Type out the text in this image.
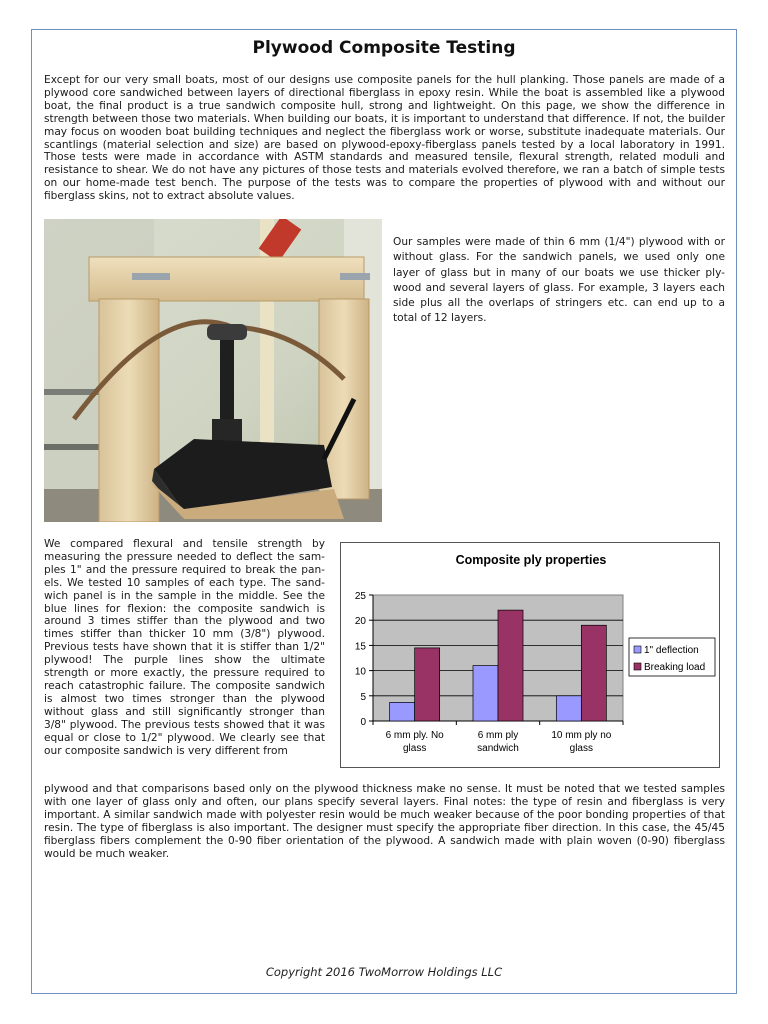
Plywood Composite Testing

Except for our very small boats, most of our designs use composite panels for the hull planking. Those panels are made of a plywood core sandwiched between layers of directional fiberglass in epoxy resin. While the boat is assembled like a plywood boat, the final product is a true sandwich composite hull, strong and lightweight. On this page, we show the difference in strength between those two materials. When building our boats, it is important to understand that difference. If not, the builder may focus on wooden boat building techniques and neglect the fiberglass work or worse, substitute inadequate materials. Our scantlings (material selection and size) are based on plywood-epoxy-fiberglass panels tested by a local laboratory in 1991. Those tests were made in accordance with ASTM standards and measured tensile, flexural strength, related moduli and resistance to shear. We do not have any pictures of those tests and materials evolved therefore, we ran a batch of simple tests on our home-made test bench. The purpose of the tests was to compare the properties of plywood with and without our fiberglass skins, not to extract absolute values.

Our samples were made of thin 6 mm (1/4") plywood with or without glass. For the sandwich panels, we used only one layer of glass but in many of our boats we use thicker ply-wood and several layers of glass. For example, 3 layers each side plus all the overlaps of stringers etc. can end up to a total of 12 layers.

We compared flexural and tensile strength by measuring the pressure needed to deflect the sam-ples 1" and the pressure required to break the pan-els. We tested 10 samples of each type. The sand-wich panel is in the sample in the middle. See the blue lines for flexion: the composite sandwich is around 3 times stiffer than the plywood and two times stiffer than thicker 10 mm (3/8") plywood. Previous tests have shown that it is stiffer than 1/2" plywood! The purple lines show the ultimate strength or more exactly, the pressure required to reach catastrophic failure. The composite sandwich is almost two times stronger than the plywood without glass and still significantly stronger than 3/8" plywood. The previous tests showed that it was equal or close to 1/2" plywood. We clearly see that our composite sandwich is very different from

Composite ply properties
0
5
10
15
20
25
6 mm ply. No
glass
6 mm ply
sandwich
10 mm ply no
glass
1" deflection
Breaking load

plywood and that comparisons based only on the plywood thickness make no sense. It must be noted that we tested samples with one layer of glass only and often, our plans specify several layers. Final notes: the type of resin and fiberglass is very important. A similar sandwich made with polyester resin would be much weaker because of the poor bonding properties of that resin. The type of fiberglass is also important. The designer must specify the appropriate fiber direction. In this case, the 45/45 fiberglass fibers complement the 0-90 fiber orientation of the plywood. A sandwich made with plain woven (0-90) fiberglass would be much weaker.

Copyright 2016 TwoMorrow Holdings LLC
